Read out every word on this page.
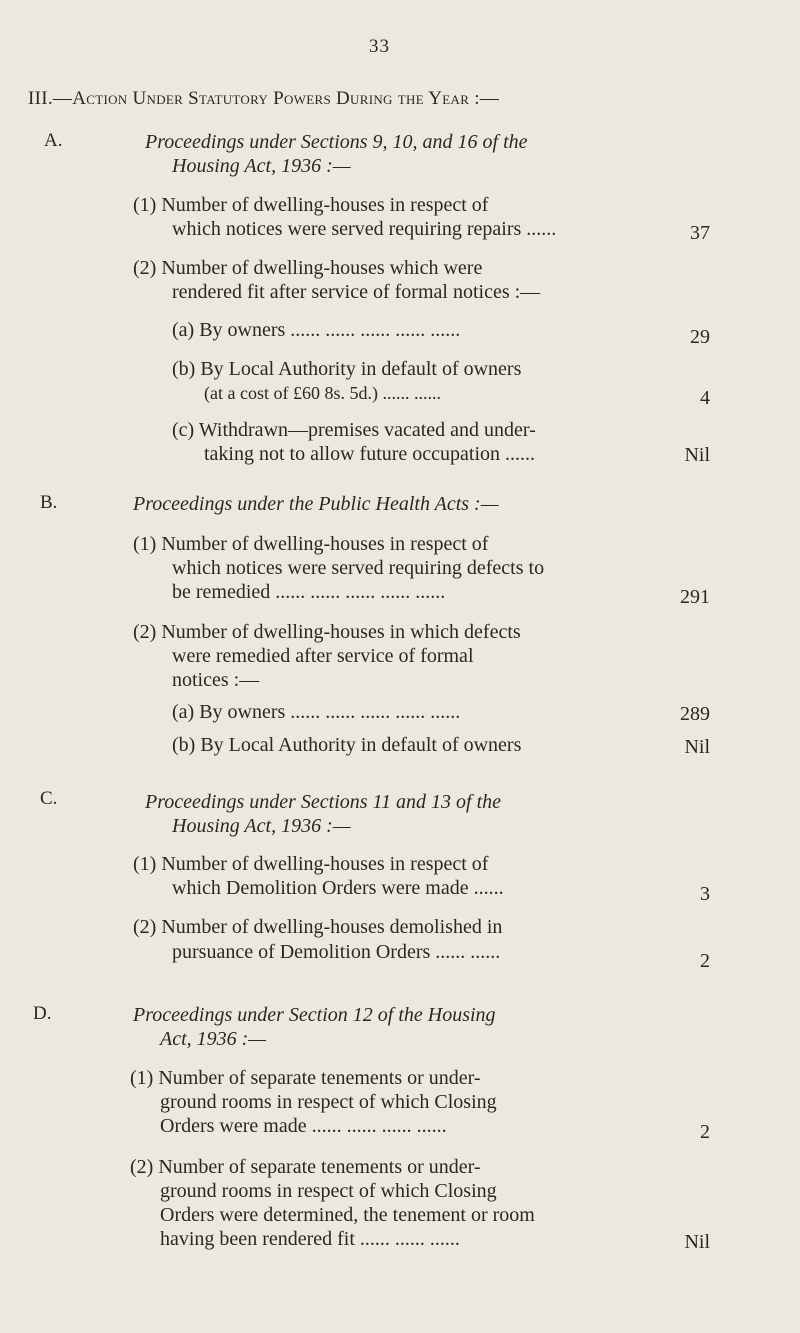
33
III.—Action Under Statutory Powers During the Year :—
A.	Proceedings under Sections 9, 10, and 16 of the
Housing Act, 1936 :—
(1) Number of dwelling-houses in respect of
which notices were served requiring repairs ......	37
(2) Number of dwelling-houses which were
rendered fit after service of formal notices :—
(a) By owners ...... ...... ...... ...... ......	29
(b) By Local Authority in default of owners
(at a cost of £60 8s. 5d.) ...... ......	4
(c) Withdrawn—premises vacated and under-
taking not to allow future occupation ......	Nil
B.	Proceedings under the Public Health Acts :—
(1) Number of dwelling-houses in respect of
which notices were served requiring defects to
be remedied ...... ...... ...... ...... ......	291
(2) Number of dwelling-houses in which defects
were remedied after service of formal
notices :—
(a) By owners ...... ...... ...... ...... ......	289
(b) By Local Authority in default of owners	Nil
C.	Proceedings under Sections 11 and 13 of the
Housing Act, 1936 :—
(1) Number of dwelling-houses in respect of
which Demolition Orders were made ......	3
(2) Number of dwelling-houses demolished in
pursuance of Demolition Orders ...... ......	2
D.	Proceedings under Section 12 of the Housing
Act, 1936 :—
(1) Number of separate tenements or under-
ground rooms in respect of which Closing
Orders were made ...... ...... ...... ......	2
(2) Number of separate tenements or under-
ground rooms in respect of which Closing
Orders were determined, the tenement or room
having been rendered fit ...... ...... ......	Nil
